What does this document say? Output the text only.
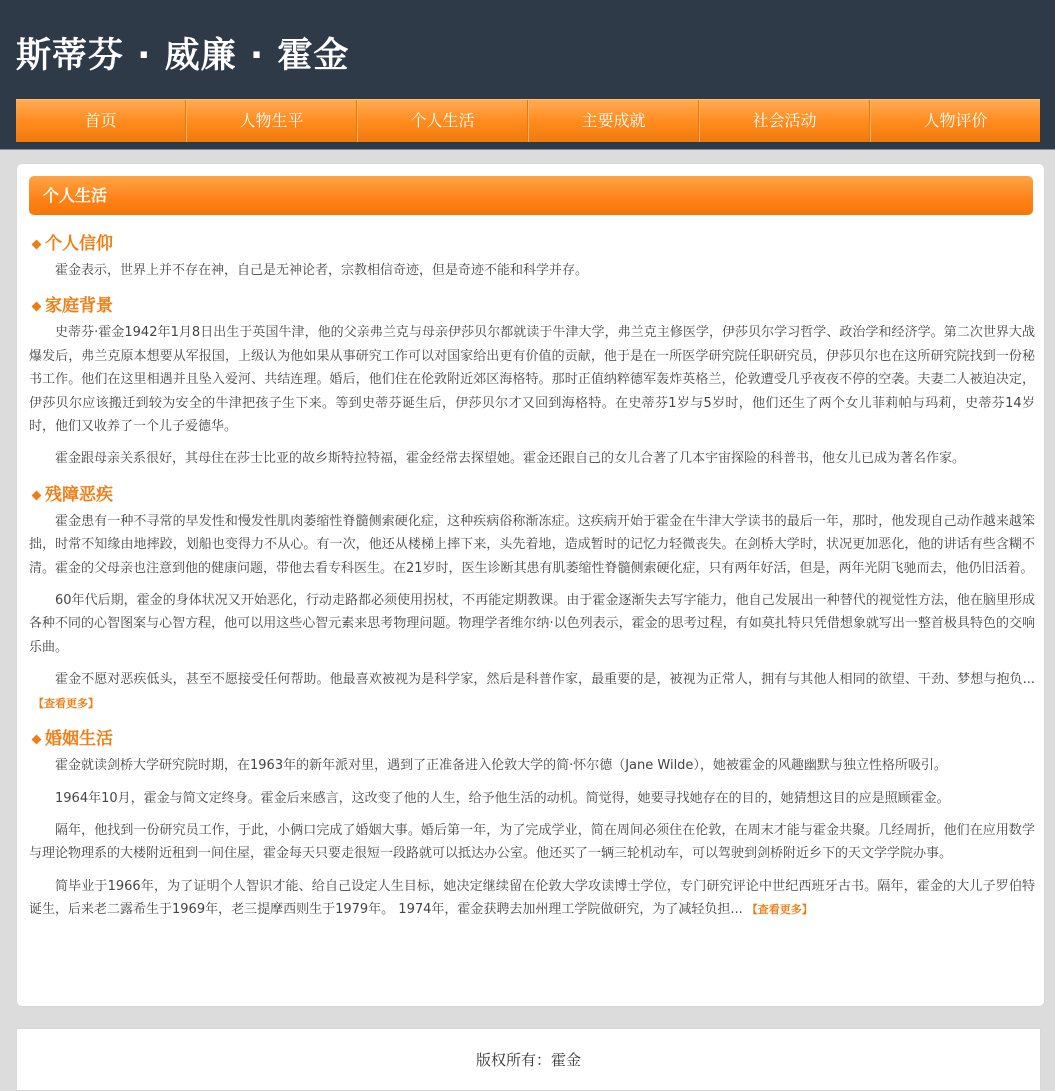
斯蒂芬 · 威廉 · 霍金
首页	人物生平	个人生活	主要成就	社会活动	人物评价
个人生活
个人信仰

霍金表示，世界上并不存在神，自己是无神论者，宗教相信奇迹，但是奇迹不能和科学并存。

家庭背景

史蒂芬·霍金1942年1月8日出生于英国牛津，他的父亲弗兰克与母亲伊莎贝尔都就读于牛津大学，弗兰克主修医学，伊莎贝尔学习哲学、政治学和经济学。第二次世界大战爆发后，弗兰克原本想要从军报国，上级认为他如果从事研究工作可以对国家给出更有价值的贡献，他于是在一所医学研究院任职研究员，伊莎贝尔也在这所研究院找到一份秘书工作。他们在这里相遇并且坠入爱河、共结连理。婚后，他们住在伦敦附近郊区海格特。那时正值纳粹德军轰炸英格兰，伦敦遭受几乎夜夜不停的空袭。夫妻二人被迫决定，伊莎贝尔应该搬迁到较为安全的牛津把孩子生下来。等到史蒂芬诞生后，伊莎贝尔才又回到海格特。在史蒂芬1岁与5岁时，他们还生了两个女儿菲莉帕与玛莉，史蒂芬14岁时，他们又收养了一个儿子爱德华。

霍金跟母亲关系很好，其母住在莎士比亚的故乡斯特拉特福，霍金经常去探望她。霍金还跟自己的女儿合著了几本宇宙探险的科普书，他女儿已成为著名作家。

残障恶疾

霍金患有一种不寻常的早发性和慢发性肌肉萎缩性脊髓侧索硬化症，这种疾病俗称渐冻症。这疾病开始于霍金在牛津大学读书的最后一年，那时，他发现自己动作越来越笨拙，时常不知缘由地摔跤，划船也变得力不从心。有一次，他还从楼梯上摔下来，头先着地，造成暂时的记忆力轻微丧失。在剑桥大学时，状况更加恶化，他的讲话有些含糊不清。霍金的父母亲也注意到他的健康问题，带他去看专科医生。在21岁时，医生诊断其患有肌萎缩性脊髓侧索硬化症，只有两年好活，但是，两年光阴飞驰而去，他仍旧活着。

60年代后期，霍金的身体状况又开始恶化，行动走路都必须使用拐杖，不再能定期教课。由于霍金逐渐失去写字能力，他自己发展出一种替代的视觉性方法，他在脑里形成各种不同的心智图案与心智方程，他可以用这些心智元素来思考物理问题。物理学者维尔纳·以色列表示，霍金的思考过程，有如莫扎特只凭借想象就写出一整首极具特色的交响乐曲。

霍金不愿对恶疾低头，甚至不愿接受任何帮助。他最喜欢被视为是科学家，然后是科普作家，最重要的是，被视为正常人，拥有与其他人相同的欲望、干劲、梦想与抱负...【查看更多】

婚姻生活

霍金就读剑桥大学研究院时期，在1963年的新年派对里，遇到了正准备进入伦敦大学的简·怀尔德（Jane Wilde），她被霍金的风趣幽默与独立性格所吸引。

1964年10月，霍金与简文定终身。霍金后来感言，这改变了他的人生，给予他生活的动机。简觉得，她要寻找她存在的目的，她猜想这目的应是照顾霍金。

隔年，他找到一份研究员工作，于此，小俩口完成了婚姻大事。婚后第一年，为了完成学业，简在周间必须住在伦敦，在周末才能与霍金共聚。几经周折，他们在应用数学与理论物理系的大楼附近租到一间住屋，霍金每天只要走很短一段路就可以抵达办公室。他还买了一辆三轮机动车，可以驾驶到剑桥附近乡下的天文学学院办事。

简毕业于1966年，为了证明个人智识才能、给自己设定人生目标，她决定继续留在伦敦大学攻读博士学位，专门研究评论中世纪西班牙古书。隔年，霍金的大儿子罗伯特诞生，后来老二露希生于1969年，老三提摩西则生于1979年。 1974年，霍金获聘去加州理工学院做研究，为了减轻负担... 【查看更多】

版权所有：霍金
